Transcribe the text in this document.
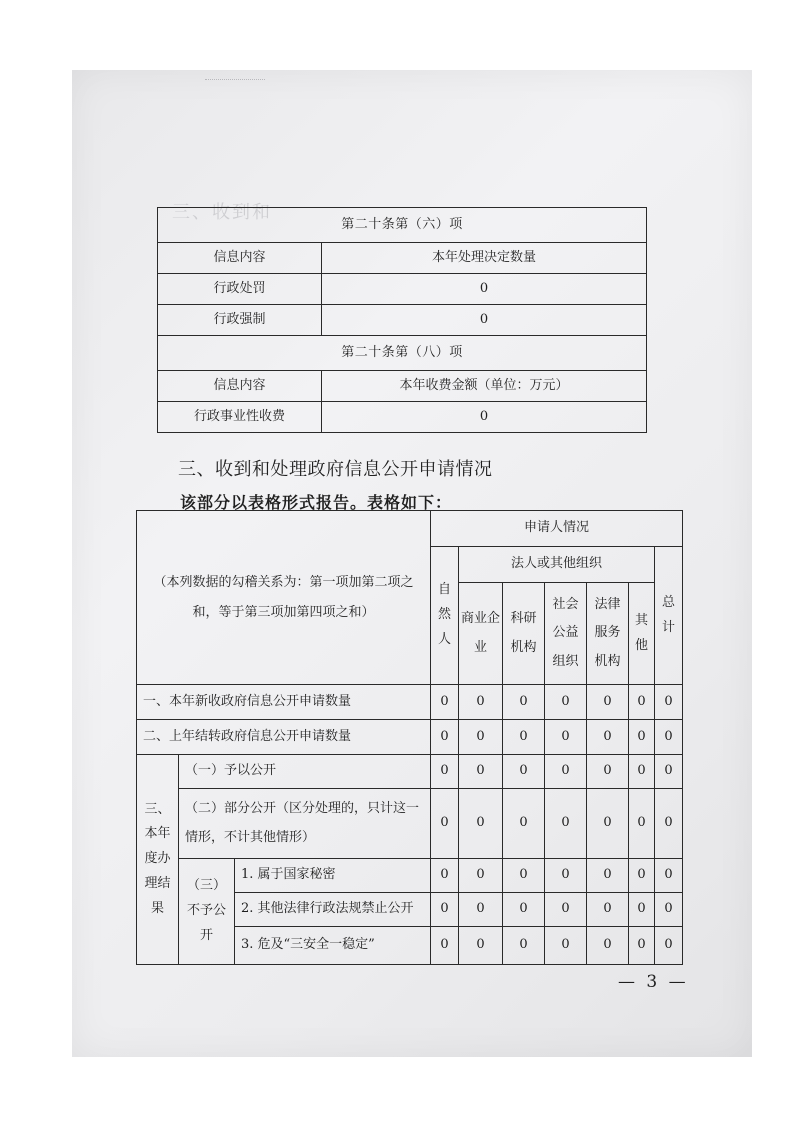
三、收到和
第二十条第（六）项	
信息内容	本年处理决定数量
行政处罚	0
行政强制	0
第二十条第（八）项	
信息内容	本年收费金额（单位：万元）
行政事业性收费	0
三、收到和处理政府信息公开申请情况
该部分以表格形式报告。表格如下：
（本列数据的勾稽关系为：第一项加第二项之和，等于第三项加第四项之和）			申请人情况						
			自然人	法人或其他组织					总计
				商业企业	科研机构	社会公益组织	法律服务机构	其他	
一、本年新收政府信息公开申请数量			0	0	0	0	0	0	0
二、上年结转政府信息公开申请数量			0	0	0	0	0	0	0
三、本年度办理结果	（一）予以公开		0	0	0	0	0	0	0
	（二）部分公开（区分处理的，只计这一情形，不计其他情形）		0	0	0	0	0	0	0
	（三）不予公开	1. 属于国家秘密	0	0	0	0	0	0	0
		2. 其他法律行政法规禁止公开	0	0	0	0	0	0	0
		3. 危及“三安全一稳定”	0	0	0	0	0	0	0
— 3 —
